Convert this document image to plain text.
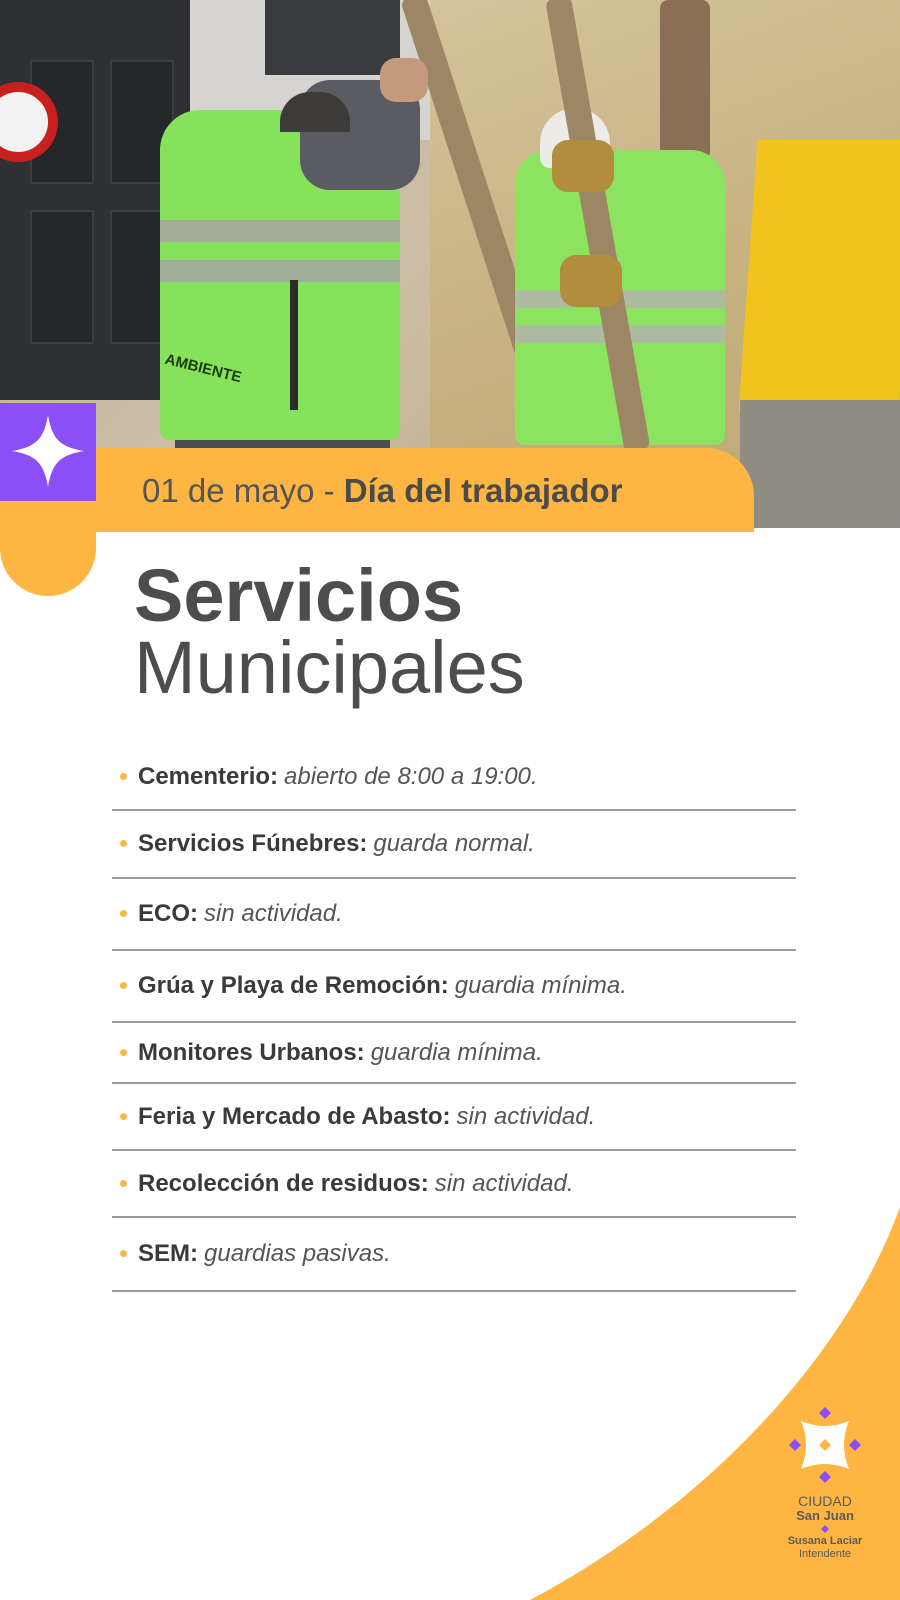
AMBIENTE
01 de mayo - Día del trabajador
Servicios
Municipales
Cementerio: abierto de 8:00 a 19:00.
Servicios Fúnebres: guarda normal.
ECO: sin actividad.
Grúa y Playa de Remoción: guardia mínima.
Monitores Urbanos: guardia mínima.
Feria y Mercado de Abasto: sin actividad.
Recolección de residuos: sin actividad.
SEM: guardias pasivas.
CIUDAD
San Juan
Susana Laciar
Intendente
